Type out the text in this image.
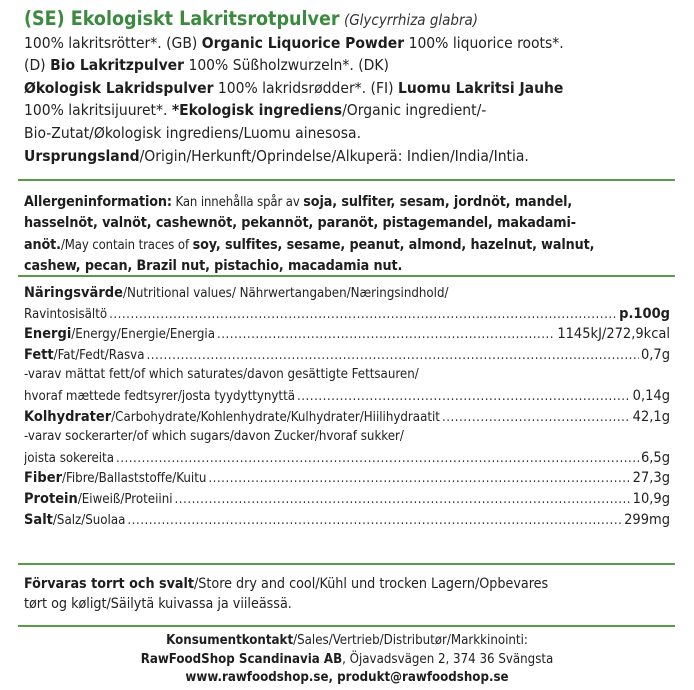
(SE) Ekologiskt Lakritsrotpulver (Glycyrrhiza glabra)
100% lakritsrötter*. (GB) Organic Liquorice Powder 100% liquorice roots*.
(D) Bio Lakritzpulver 100% Süßholzwurzeln*. (DK)
Økologisk Lakridspulver 100% lakridsrødder*. (FI) Luomu Lakritsi Jauhe
100% lakritsijuuret*. *Ekologisk ingrediens/Organic ingredient/-
Bio-Zutat/Økologisk ingrediens/Luomu ainesosa.
Ursprungsland/Origin/Herkunft/Oprindelse/Alkuperä: Indien/India/Intia.
Allergeninformation: Kan innehålla spår av soja, sulfiter, sesam, jordnöt, mandel,
hasselnöt, valnöt, cashewnöt, pekannöt, paranöt, pistagemandel, makadami-
anöt./May contain traces of soy, sulfites, sesame, peanut, almond, hazelnut, walnut,
cashew, pecan, Brazil nut, pistachio, macadamia nut.
Näringsvärde/Nutritional values/ Nährwertangaben/Næringsindhold/
Ravintosisältö .....	p.100g
Energi/Energy/Energie/Energia .....	1145kJ/272,9kcal
Fett/Fat/Fedt/Rasva .....	0,7g
-varav mättat fett/of which saturates/davon gesättigte Fettsauren/
hvoraf mættede fedtsyrer/josta tyydyttynyttä .....	0,14g
Kolhydrater/Carbohydrate/Kohlenhydrate/Kulhydrater/Hiilihydraatit .....	42,1g
-varav sockerarter/of which sugars/davon Zucker/hvoraf sukker/
joista sokereita .....	6,5g
Fiber/Fibre/Ballaststoffe/Kuitu .....	27,3g
Protein/Eiweiß/Proteiini .....	10,9g
Salt/Salz/Suolaa .....	299mg
Förvaras torrt och svalt/Store dry and cool/Kühl und trocken Lagern/Opbevares
tørt og køligt/Säilytä kuivassa ja viileässä.
Konsumentkontakt/Sales/Vertrieb/Distributør/Markkinointi:
RawFoodShop Scandinavia AB, Öjavadsvägen 2, 374 36 Svängsta
www.rawfoodshop.se, produkt@rawfoodshop.se
